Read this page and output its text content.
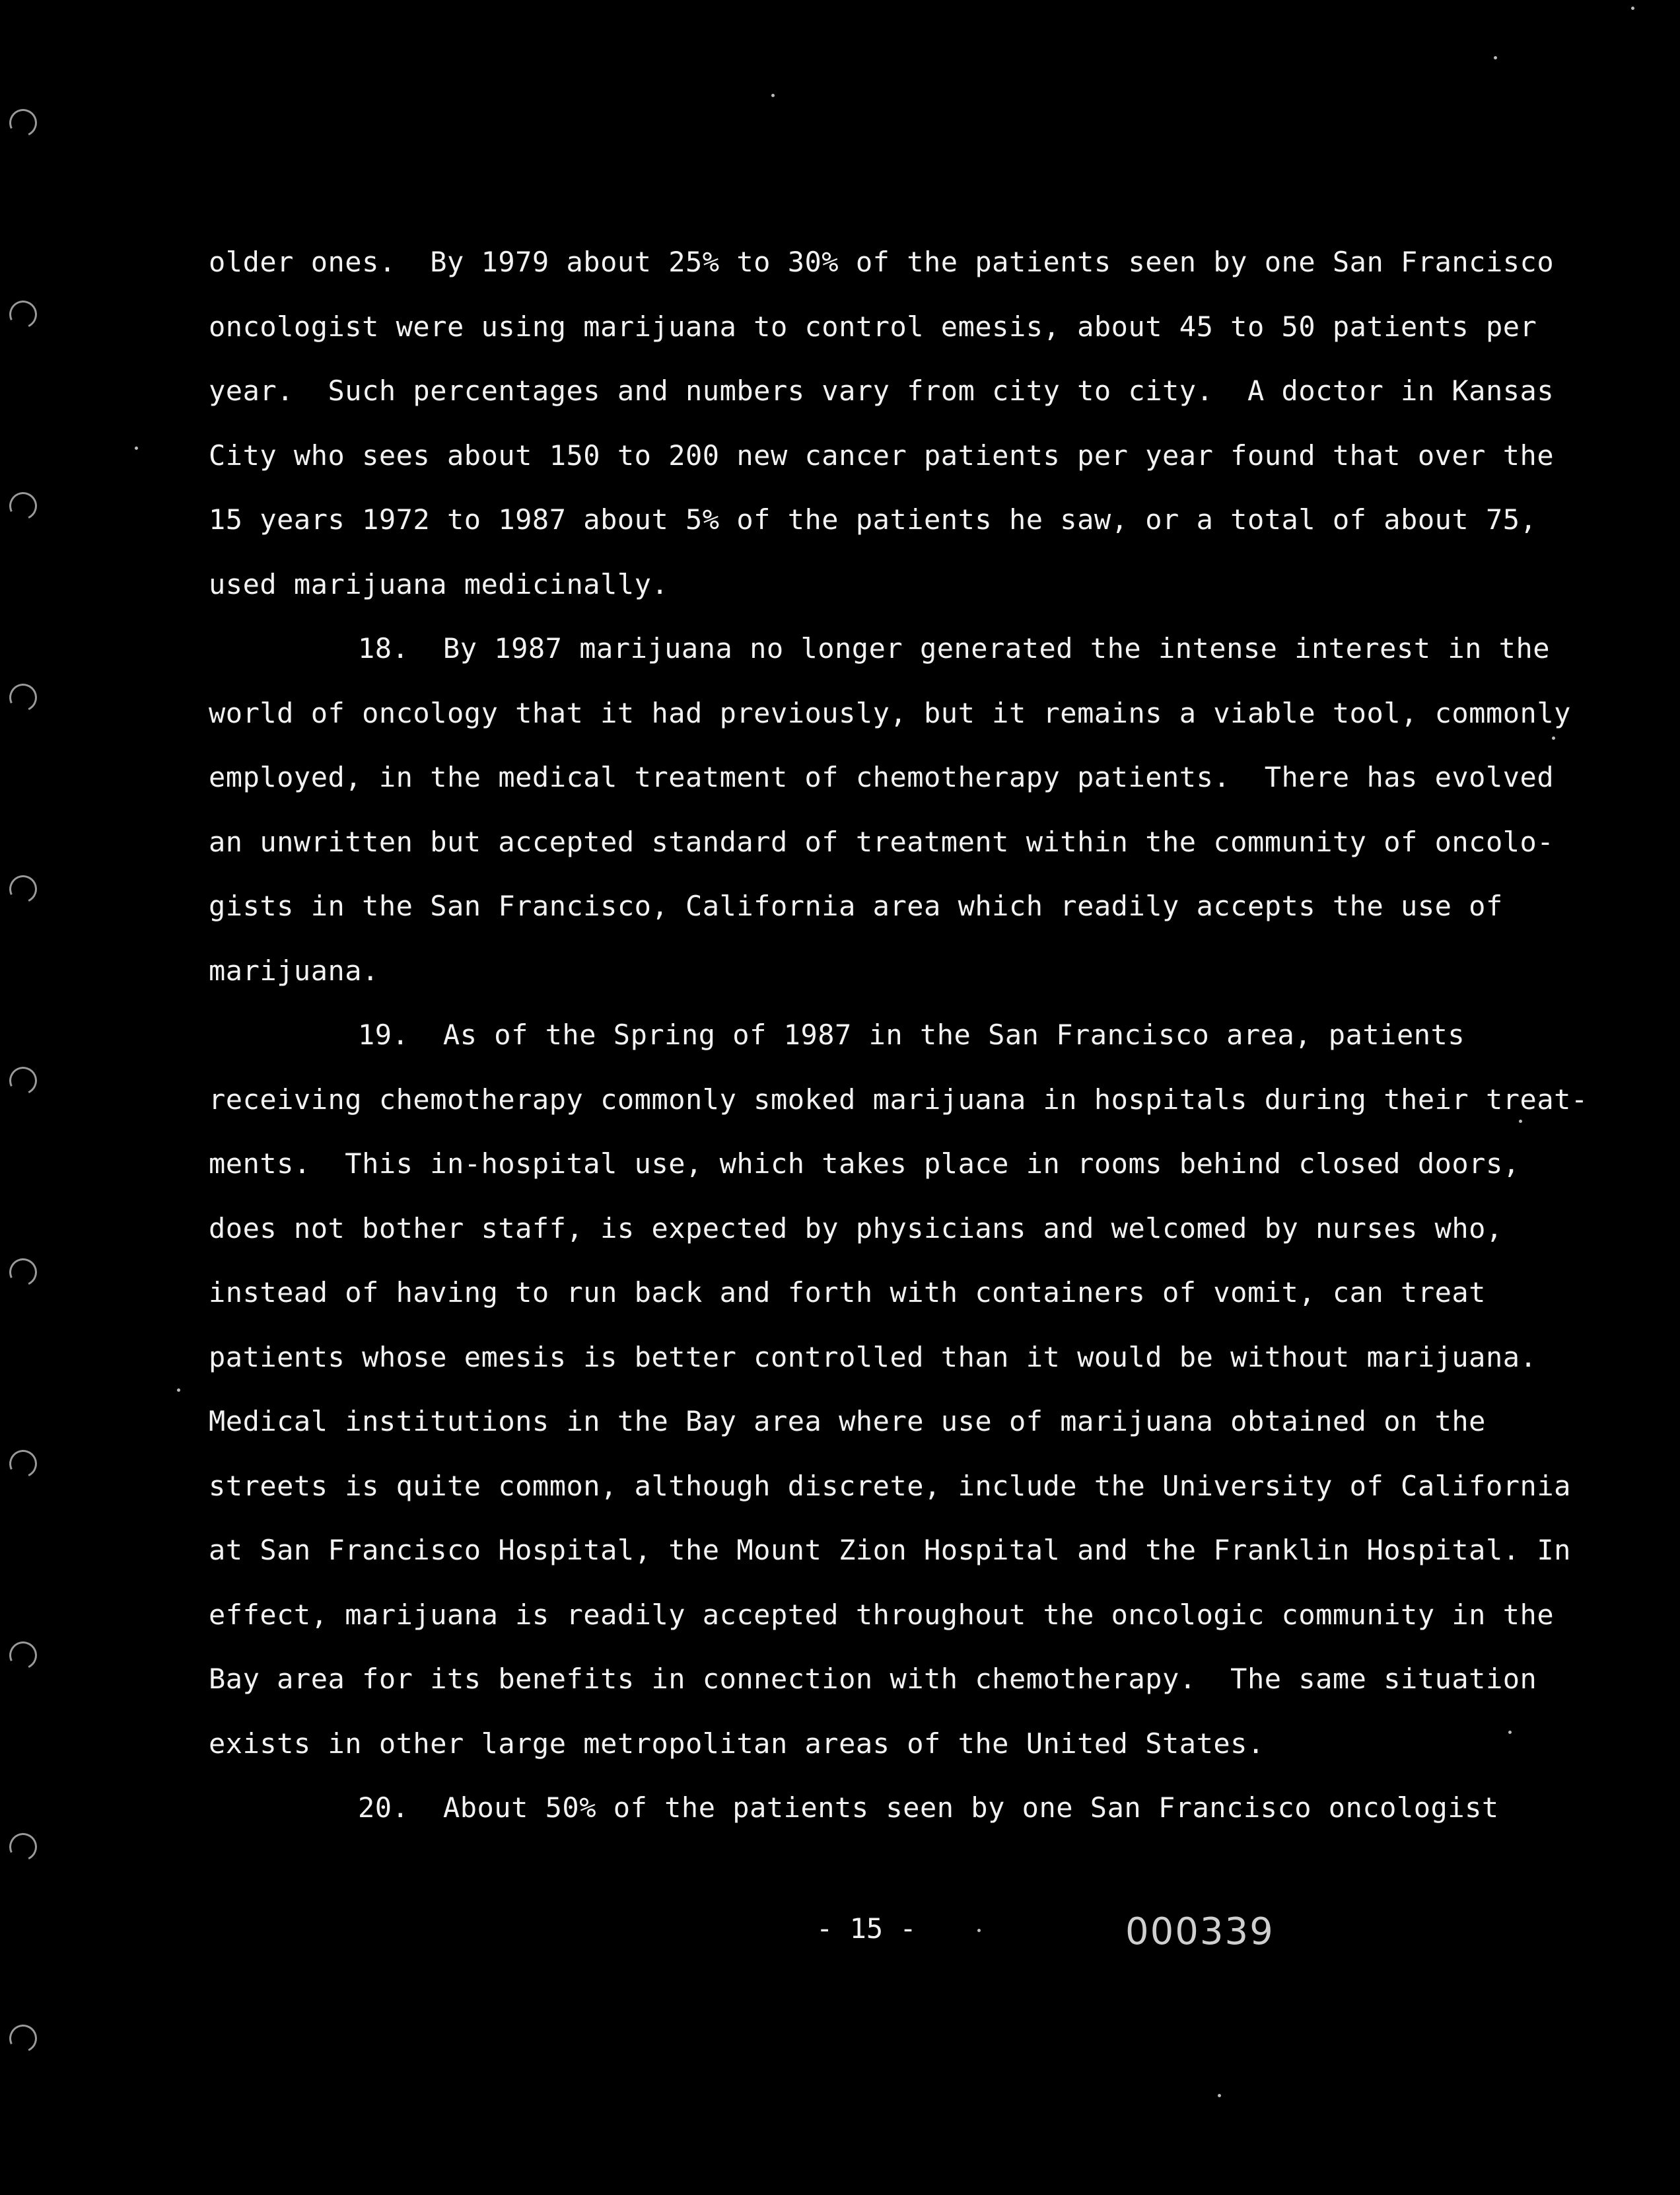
older ones.  By 1979 about 25% to 30% of the patients seen by one San Francisco
oncologist were using marijuana to control emesis, about 45 to 50 patients per
year.  Such percentages and numbers vary from city to city.  A doctor in Kansas
City who sees about 150 to 200 new cancer patients per year found that over the
15 years 1972 to 1987 about 5% of the patients he saw, or a total of about 75,
used marijuana medicinally.
18.  By 1987 marijuana no longer generated the intense interest in the
world of oncology that it had previously, but it remains a viable tool, commonly
employed, in the medical treatment of chemotherapy patients.  There has evolved
an unwritten but accepted standard of treatment within the community of oncolo-
gists in the San Francisco, California area which readily accepts the use of
marijuana.
19.  As of the Spring of 1987 in the San Francisco area, patients
receiving chemotherapy commonly smoked marijuana in hospitals during their treat-
ments.  This in-hospital use, which takes place in rooms behind closed doors,
does not bother staff, is expected by physicians and welcomed by nurses who,
instead of having to run back and forth with containers of vomit, can treat
patients whose emesis is better controlled than it would be without marijuana.
Medical institutions in the Bay area where use of marijuana obtained on the
streets is quite common, although discrete, include the University of California
at San Francisco Hospital, the Mount Zion Hospital and the Franklin Hospital. In
effect, marijuana is readily accepted throughout the oncologic community in the
Bay area for its benefits in connection with chemotherapy.  The same situation
exists in other large metropolitan areas of the United States.
20.  About 50% of the patients seen by one San Francisco oncologist
- 15 -	000339
